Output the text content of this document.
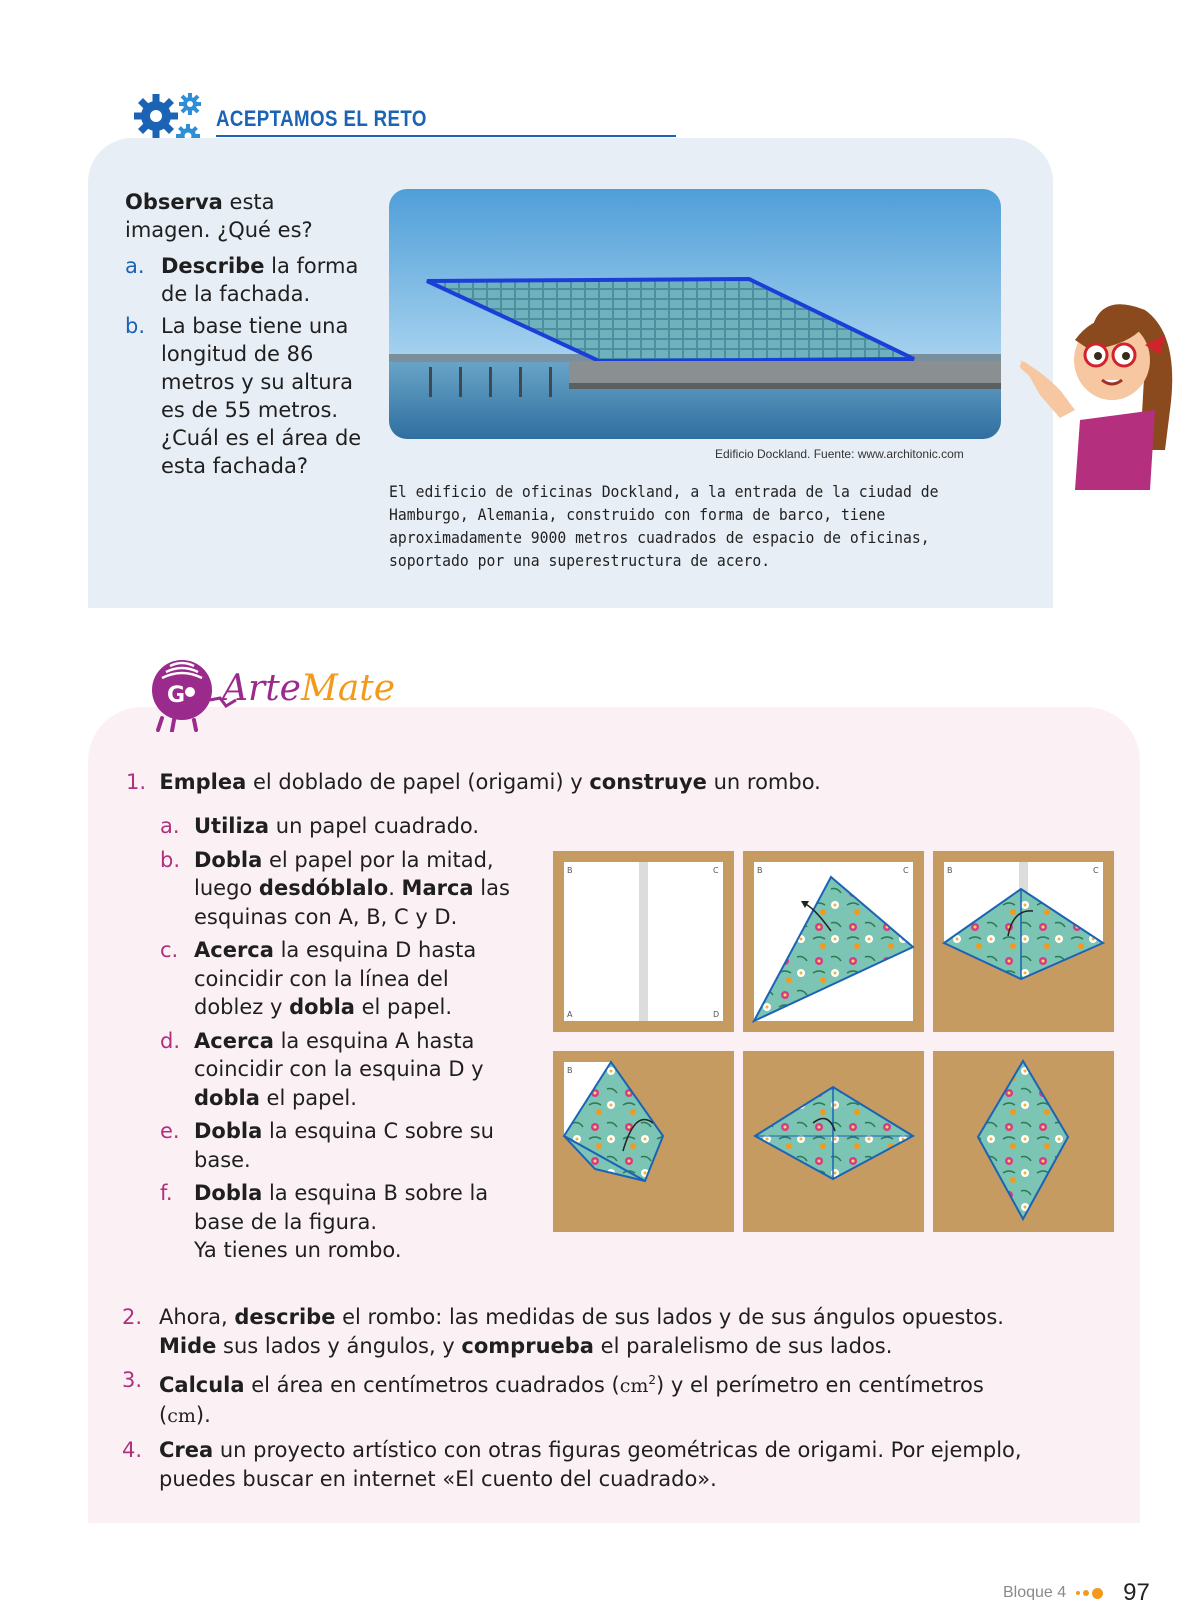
ACEPTAMOS EL RETO

Observa esta imagen. ¿Qué es?

a. Describe la forma de la fachada.
b. La base tiene una longitud de 86 metros y su altura es de 55 metros. ¿Cuál es el área de esta fachada?	Edificio Dockland. Fuente: www.architonic.com
El edificio de oficinas Dockland, a la entrada de la ciudad de Hamburgo, Alemania, construido con forma de barco, tiene aproximadamente 9000 metros cuadrados de espacio de oficinas, soportado por una superestructura de acero.
G ArteMate
1. Emplea el doblado de papel (origami) y construye un rombo.
a. Utiliza un papel cuadrado.
b. Dobla el papel por la mitad, luego desdóblalo. Marca las esquinas con A, B, C y D.
c. Acerca la esquina D hasta coincidir con la línea del doblez y dobla el papel.
d. Acerca la esquina A hasta coincidir con la esquina D y dobla el papel.
e. Dobla la esquina C sobre su base.
f. Dobla la esquina B sobre la base de la figura.
Ya tienes un rombo.
B	C
A	D
B	C	B	C
B
2. Ahora, describe el rombo: las medidas de sus lados y de sus ángulos opuestos. Mide sus lados y ángulos, y comprueba el paralelismo de sus lados.
3. Calcula el área en centímetros cuadrados $(cm^2)$ y el perímetro en centímetros (cm).
4. Crea un proyecto artístico con otras figuras geométricas de origami. Por ejemplo, puedes buscar en internet «El cuento del cuadrado».
Bloque 4 97
